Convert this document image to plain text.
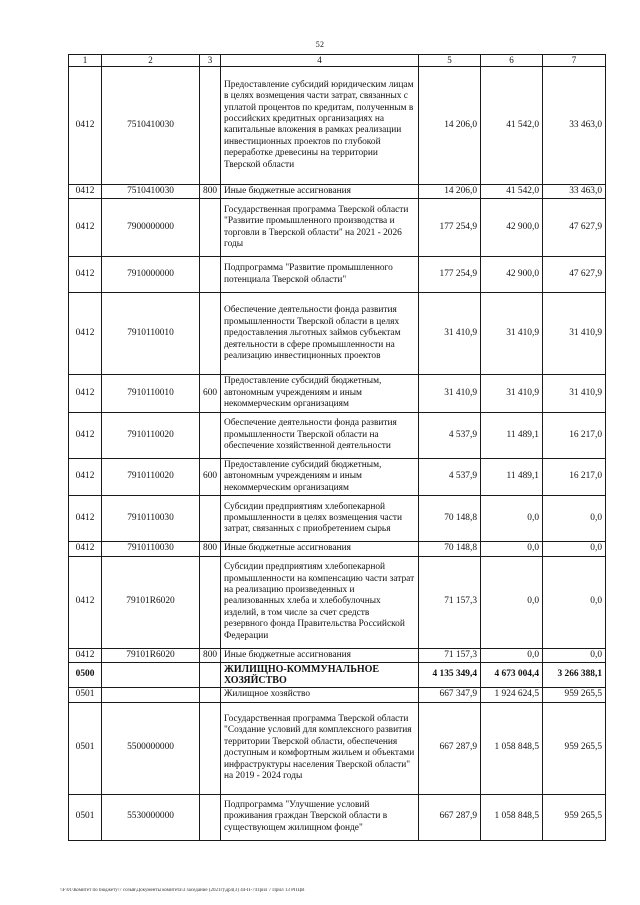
52
1	2	3	4	5	6	7
0412	7510410030		Предоставление субсидий юридическим лицам в целях возмещения части затрат, связанных с уплатой процентов по кредитам, полученным в российских кредитных организациях на капитальные вложения в рамках реализации инвестиционных проектов по глубокой переработке древесины на территории Тверской области	14 206,0	41 542,0	33 463,0
0412	7510410030	800	Иные бюджетные ассигнования	14 206,0	41 542,0	33 463,0
0412	7900000000		Государственная программа Тверской области "Развитие промышленного производства и торговли в Тверской области" на 2021 - 2026 годы	177 254,9	42 900,0	47 627,9
0412	7910000000		Подпрограмма "Развитие промышленного потенциала Тверской области"	177 254,9	42 900,0	47 627,9
0412	7910110010		Обеспечение деятельности фонда развития промышленности Тверской области в целях предоставления льготных займов субъектам деятельности в сфере промышленности на реализацию инвестиционных проектов	31 410,9	31 410,9	31 410,9
0412	7910110010	600	Предоставление субсидий бюджетным, автономным учреждениям и иным некоммерческим организациям	31 410,9	31 410,9	31 410,9
0412	7910110020		Обеспечение деятельности фонда развития промышленности Тверской области на обеспечение хозяйственной деятельности	4 537,9	11 489,1	16 217,0
0412	7910110020	600	Предоставление субсидий бюджетным, автономным учреждениям и иным некоммерческим организациям	4 537,9	11 489,1	16 217,0
0412	7910110030		Субсидии предприятиям хлебопекарной промышленности в целях возмещения части затрат, связанных с приобретением сырья	70 148,8	0,0	0,0
0412	7910110030	800	Иные бюджетные ассигнования	70 148,8	0,0	0,0
0412	79101R6020		Субсидии предприятиям хлебопекарной промышленности на компенсацию части затрат на реализацию произведенных и реализованных хлеба и хлебобулочных изделий, в том числе за счет средств резервного фонда Правительства Российской Федерации	71 157,3	0,0	0,0
0412	79101R6020	800	Иные бюджетные ассигнования	71 157,3	0,0	0,0
0500			ЖИЛИЩНО-КОММУНАЛЬНОЕ ХОЗЯЙСТВО	4 135 349,4	4 673 004,4	3 266 388,1
0501			Жилищное хозяйство	667 347,9	1 924 624,5	959 265,5
0501	5500000000		Государственная программа Тверской области "Создание условий для комплексного развития территории Тверской области, обеспечения доступным и комфортным жильем и объектами инфраструктуры населения Тверской области" на 2019 - 2024 годы	667 287,9	1 058 848,5	959 265,5
0501	5530000000		Подпрограмма "Улучшение условий проживания граждан Тверской области в существующем жилищном фонде"	667 287,9	1 058 848,5	959 265,5
\\F\01\Комитет по бюджету\7 созыв\Документы комитета\3 заседание (2021г)\дрл(3) 44-П-7\Прил 7 Прил 13 РПЦВ
